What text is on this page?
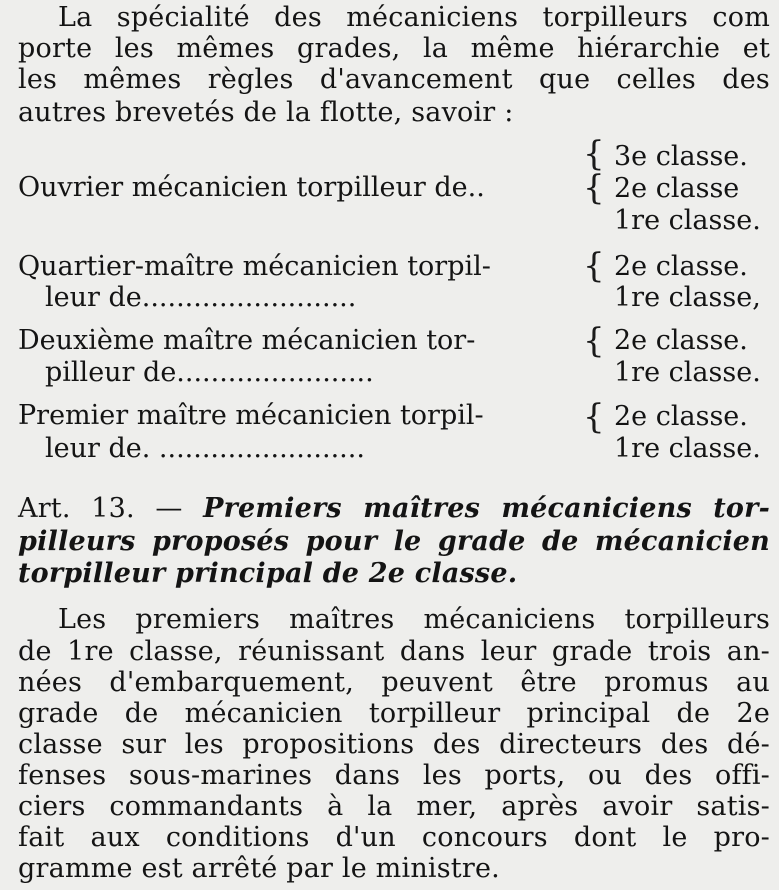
La spécialité des mécaniciens torpilleurs com
porte les mêmes grades, la même hiérarchie et
les mêmes règles d'avancement que celles des
autres brevetés de la flotte, savoir :
Ouvrier mécanicien torpilleur de..
{
{
3e classe.
2e classe
1re classe.
Quartier-maître mécanicien torpil-
leur de.........................
{ 2e classe.
1re classe,
Deuxième maître mécanicien tor-
pilleur de.......................
{ 2e classe.
1re classe.
Premier maître mécanicien torpil-
leur de. ........................
{ 2e classe.
1re classe.
Art. 13. — Premiers maîtres mécaniciens tor-
pilleurs proposés pour le grade de mécanicien
torpilleur principal de 2e classe.
Les premiers maîtres mécaniciens torpilleurs
de 1re classe, réunissant dans leur grade trois an-
nées d'embarquement, peuvent être promus au
grade de mécanicien torpilleur principal de 2e
classe sur les propositions des directeurs des dé-
fenses sous-marines dans les ports, ou des offi-
ciers commandants à la mer, après avoir satis-
fait aux conditions d'un concours dont le pro-
gramme est arrêté par le ministre.
